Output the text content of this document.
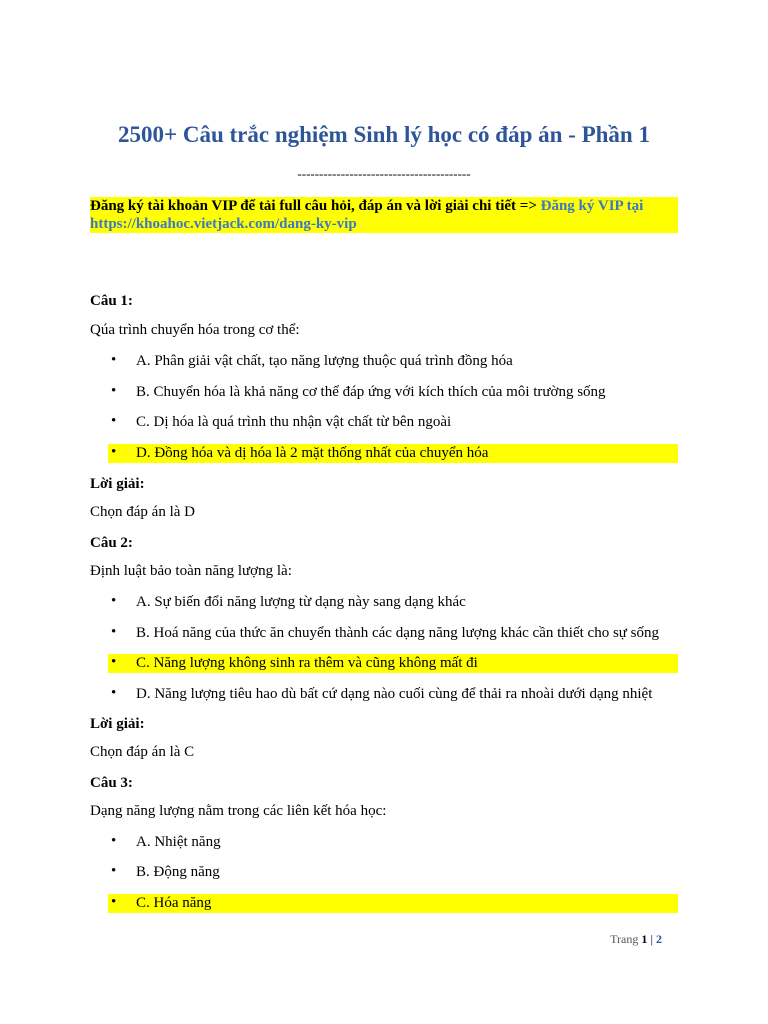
2500+ Câu trắc nghiệm Sinh lý học có đáp án - Phần 1
----------------------------------------
Đăng ký tài khoản VIP để tải full câu hỏi, đáp án và lời giải chi tiết => Đăng ký VIP tại https://khoahoc.vietjack.com/dang-ky-vip
Câu 1:
Qúa trình chuyển hóa trong cơ thể:
• A. Phân giải vật chất, tạo năng lượng thuộc quá trình đồng hóa
• B. Chuyển hóa là khả năng cơ thể đáp ứng với kích thích của môi trường sống
• C. Dị hóa là quá trình thu nhận vật chất từ bên ngoài
• D. Đồng hóa và dị hóa là 2 mặt thống nhất của chuyển hóa
Lời giải:
Chọn đáp án là D
Câu 2:
Định luật bảo toàn năng lượng là:
• A. Sự biến đổi năng lượng từ dạng này sang dạng khác
• B. Hoá năng của thức ăn chuyển thành các dạng năng lượng khác cần thiết cho sự sống
• C. Năng lượng không sinh ra thêm và cũng không mất đi
• D. Năng lượng tiêu hao dù bất cứ dạng nào cuối cùng để thải ra nhoài dưới dạng nhiệt
Lời giải:
Chọn đáp án là C
Câu 3:
Dạng năng lượng nằm trong các liên kết hóa học:
• A. Nhiệt năng
• B. Động năng
• C. Hóa năng
Trang 1 | 2
